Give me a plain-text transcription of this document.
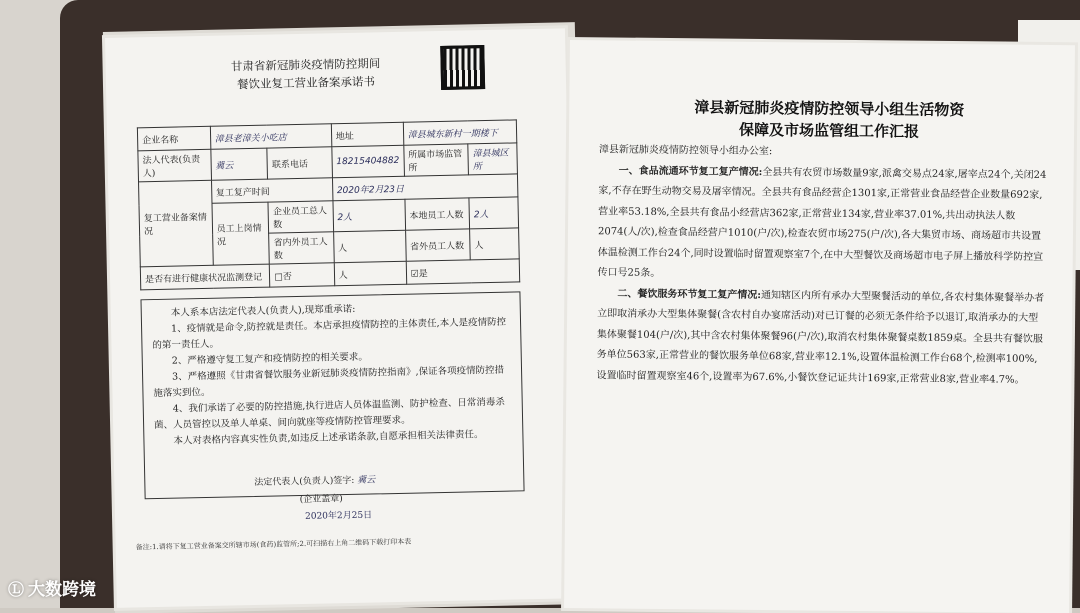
甘肃省新冠肺炎疫情防控期间
餐饮业复工营业备案承诺书
企业名称	漳县老漳关小吃店		地址	漳县城东新村一期楼下	
法人代表(负责人)	冀云	联系电话	18215404882	所属市场监管所	漳县城区所
复工营业备案情况	复工复产时间		2020年2月23日		
	员工上岗情况	企业员工总人数	2人	本地员工人数	2人
		省内外员工人数	人	省外员工人数	人
是否有进行健康状况监测登记		□否	人	☑是	

本人系本店法定代表人(负责人),现郑重承诺:

1、疫情就是命令,防控就是责任。本店承担疫情防控的主体责任,本人是疫情防控的第一责任人。

2、严格遵守复工复产和疫情防控的相关要求。

3、严格遵照《甘肃省餐饮服务业新冠肺炎疫情防控指南》,保证各项疫情防控措施落实到位。

4、我们承诺了必要的防控措施,执行进店人员体温监测、防护检查、日常消毒杀菌、人员管控以及单人单桌、间向就座等疫情防控管理要求。

本人对表格内容真实性负责,如违反上述承诺条款,自愿承担相关法律责任。

法定代表人(负责人)签字: 冀云
(企业盖章)
2020年2月25日
备注:1.请将下复工营业备案交所辖市场(食药)监管所;2.可扫描右上角二维码下载打印本表
漳县新冠肺炎疫情防控领导小组生活物资
保障及市场监管组工作汇报

漳县新冠肺炎疫情防控领导小组办公室:

一、食品流通环节复工复产情况:全县共有农贸市场数量9家,派禽交易点24家,屠宰点24个,关闭24家,不存在野生动物交易及屠宰情况。全县共有食品经营企1301家,正常营业食品经营企业数量692家,营业率53.18%,全县共有食品小经营店362家,正常营业134家,营业率37.01%,共出动执法人数2074(人/次),检查食品经营户1010(户/次),检查农贸市场275(户/次),各大集贸市场、商场超市共设置体温检测工作台24个,同时设置临时留置观察室7个,在中大型餐饮及商场超市电子屏上播放科学防控宣传口号25条。

二、餐饮服务环节复工复产情况:通知辖区内所有承办大型聚餐活动的单位,各农村集体聚餐举办者立即取消承办大型集体聚餐(含农村自办宴席活动)对已订餐的必须无条件给予以退订,取消承办的大型集体聚餐104(户/次),其中含农村集体聚餐96(户/次),取消农村集体聚餐桌数1859桌。全县共有餐饮服务单位563家,正常营业的餐饮服务单位68家,营业率12.1%,设置体温检测工作台68个,检测率100%,设置临时留置观察室46个,设置率为67.6%,小餐饮登记证共计169家,正常营业8家,营业率4.7%。

Ⓛ 大数跨境
